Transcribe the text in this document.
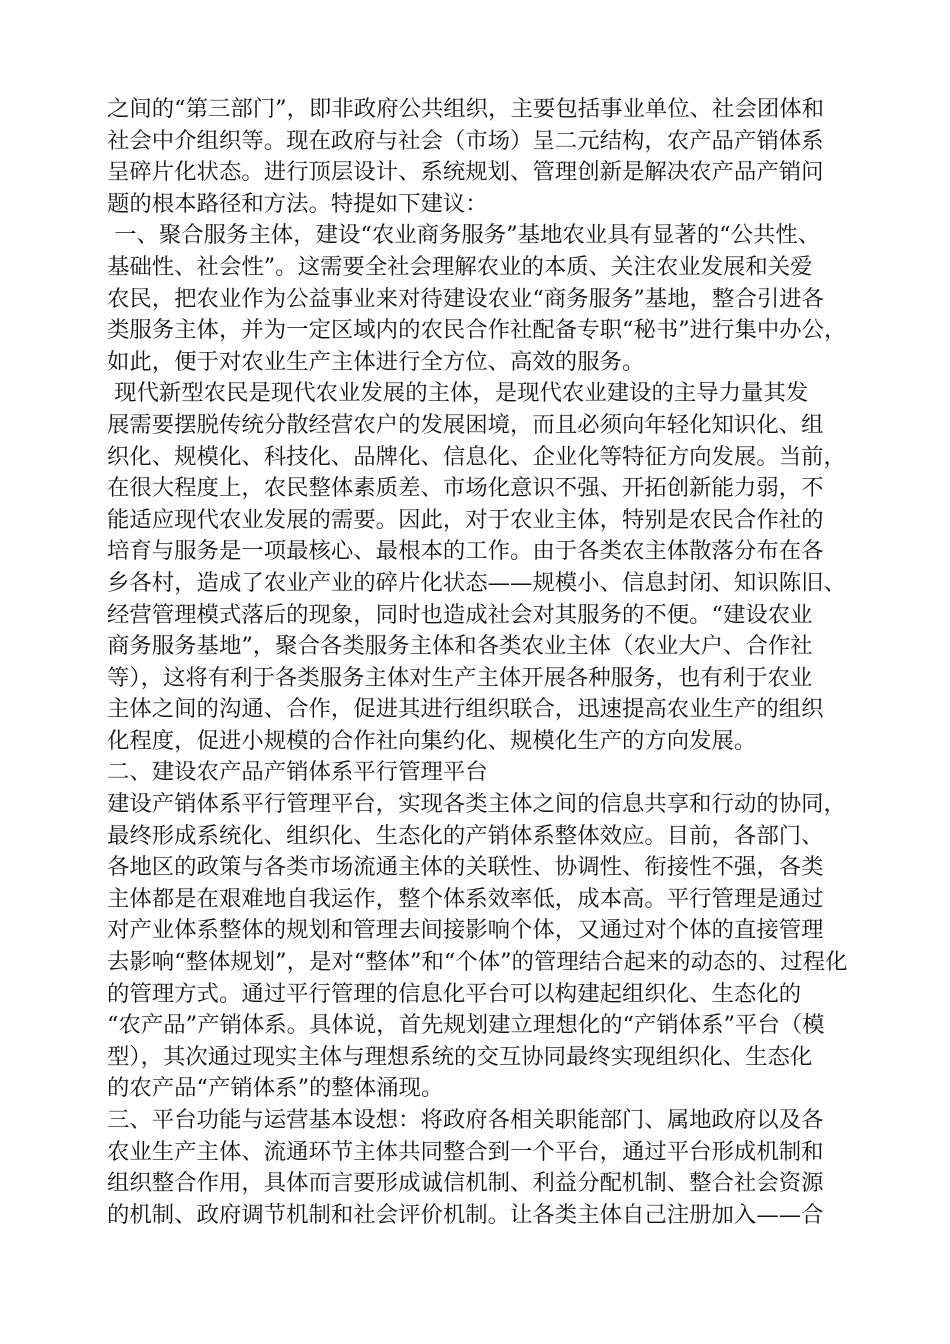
之间的“第三部门”，即非政府公共组织，主要包括事业单位、社会团体和
社会中介组织等。现在政府与社会（市场）呈二元结构，农产品产销体系
呈碎片化状态。进行顶层设计、系统规划、管理创新是解决农产品产销问
题的根本路径和方法。特提如下建议：
一、聚合服务主体，建设“农业商务服务”基地农业具有显著的“公共性、
基础性、社会性”。这需要全社会理解农业的本质、关注农业发展和关爱
农民，把农业作为公益事业来对待建设农业“商务服务”基地，整合引进各
类服务主体，并为一定区域内的农民合作社配备专职“秘书”进行集中办公，
如此，便于对农业生产主体进行全方位、高效的服务。
现代新型农民是现代农业发展的主体，是现代农业建设的主导力量其发
展需要摆脱传统分散经营农户的发展困境，而且必须向年轻化知识化、组
织化、规模化、科技化、品牌化、信息化、企业化等特征方向发展。当前，
在很大程度上，农民整体素质差、市场化意识不强、开拓创新能力弱，不
能适应现代农业发展的需要。因此，对于农业主体，特别是农民合作社的
培育与服务是一项最核心、最根本的工作。由于各类农主体散落分布在各
乡各村，造成了农业产业的碎片化状态——规模小、信息封闭、知识陈旧、
经营管理模式落后的现象，同时也造成社会对其服务的不便。“建设农业
商务服务基地”，聚合各类服务主体和各类农业主体（农业大户、合作社
等），这将有利于各类服务主体对生产主体开展各种服务，也有利于农业
主体之间的沟通、合作，促进其进行组织联合，迅速提高农业生产的组织
化程度，促进小规模的合作社向集约化、规模化生产的方向发展。
二、建设农产品产销体系平行管理平台
建设产销体系平行管理平台，实现各类主体之间的信息共享和行动的协同，
最终形成系统化、组织化、生态化的产销体系整体效应。目前，各部门、
各地区的政策与各类市场流通主体的关联性、协调性、衔接性不强，各类
主体都是在艰难地自我运作，整个体系效率低，成本高。平行管理是通过
对产业体系整体的规划和管理去间接影响个体，又通过对个体的直接管理
去影响“整体规划”，是对“整体”和“个体”的管理结合起来的动态的、过程化
的管理方式。通过平行管理的信息化平台可以构建起组织化、生态化的
“农产品”产销体系。具体说，首先规划建立理想化的“产销体系”平台（模
型），其次通过现实主体与理想系统的交互协同最终实现组织化、生态化
的农产品“产销体系”的整体涌现。
三、平台功能与运营基本设想：将政府各相关职能部门、属地政府以及各
农业生产主体、流通环节主体共同整合到一个平台，通过平台形成机制和
组织整合作用，具体而言要形成诚信机制、利益分配机制、整合社会资源
的机制、政府调节机制和社会评价机制。让各类主体自己注册加入——合
